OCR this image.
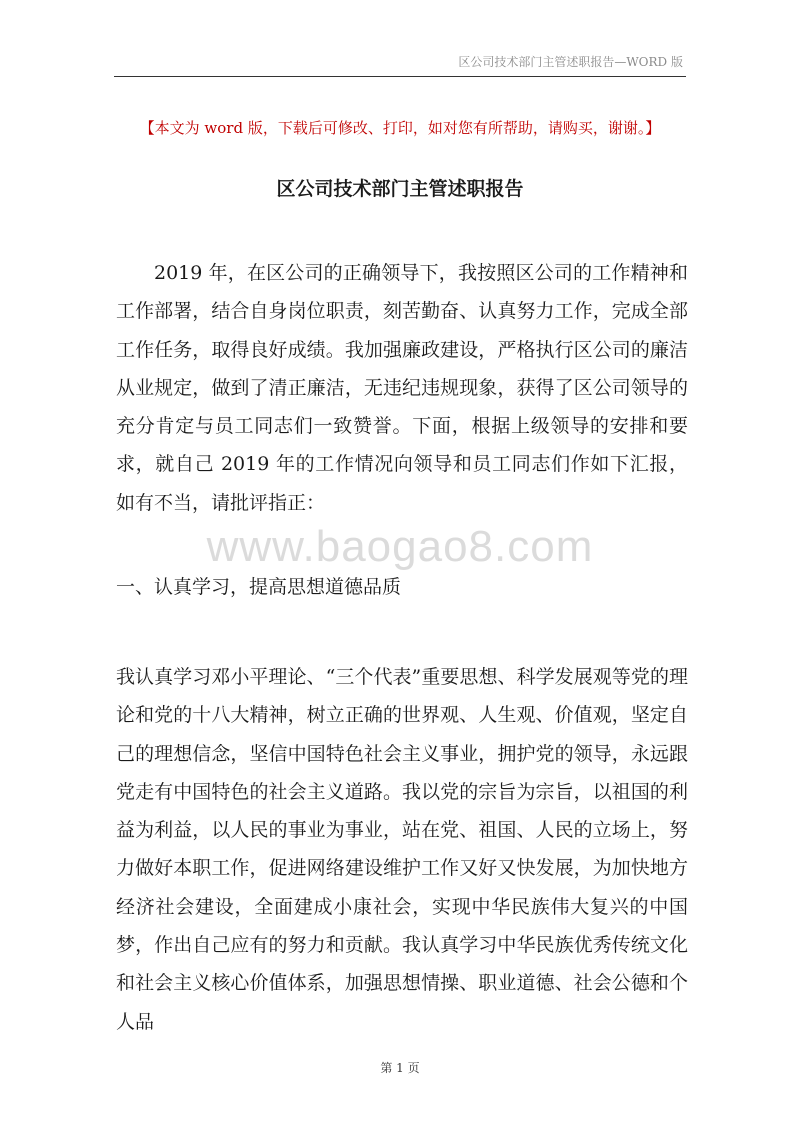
区公司技术部门主管述职报告—WORD 版
【本文为 word 版，下载后可修改、打印，如对您有所帮助，请购买，谢谢。】
区公司技术部门主管述职报告

2019 年，在区公司的正确领导下，我按照区公司的工作精神和工作部署，结合自身岗位职责，刻苦勤奋、认真努力工作，完成全部工作任务，取得良好成绩。我加强廉政建设，严格执行区公司的廉洁从业规定，做到了清正廉洁，无违纪违规现象，获得了区公司领导的充分肯定与员工同志们一致赞誉。下面，根据上级领导的安排和要求，就自己 2019 年的工作情况向领导和员工同志们作如下汇报，如有不当，请批评指正：

www.baogao8.com
一、认真学习，提高思想道德品质

我认真学习邓小平理论、“三个代表”重要思想、科学发展观等党的理论和党的十八大精神，树立正确的世界观、人生观、价值观，坚定自己的理想信念，坚信中国特色社会主义事业，拥护党的领导，永远跟党走有中国特色的社会主义道路。我以党的宗旨为宗旨，以祖国的利益为利益，以人民的事业为事业，站在党、祖国、人民的立场上，努力做好本职工作，促进网络建设维护工作又好又快发展，为加快地方经济社会建设，全面建成小康社会，实现中华民族伟大复兴的中国梦，作出自己应有的努力和贡献。我认真学习中华民族优秀传统文化和社会主义核心价值体系，加强思想情操、职业道德、社会公德和个人品

第 1 页
